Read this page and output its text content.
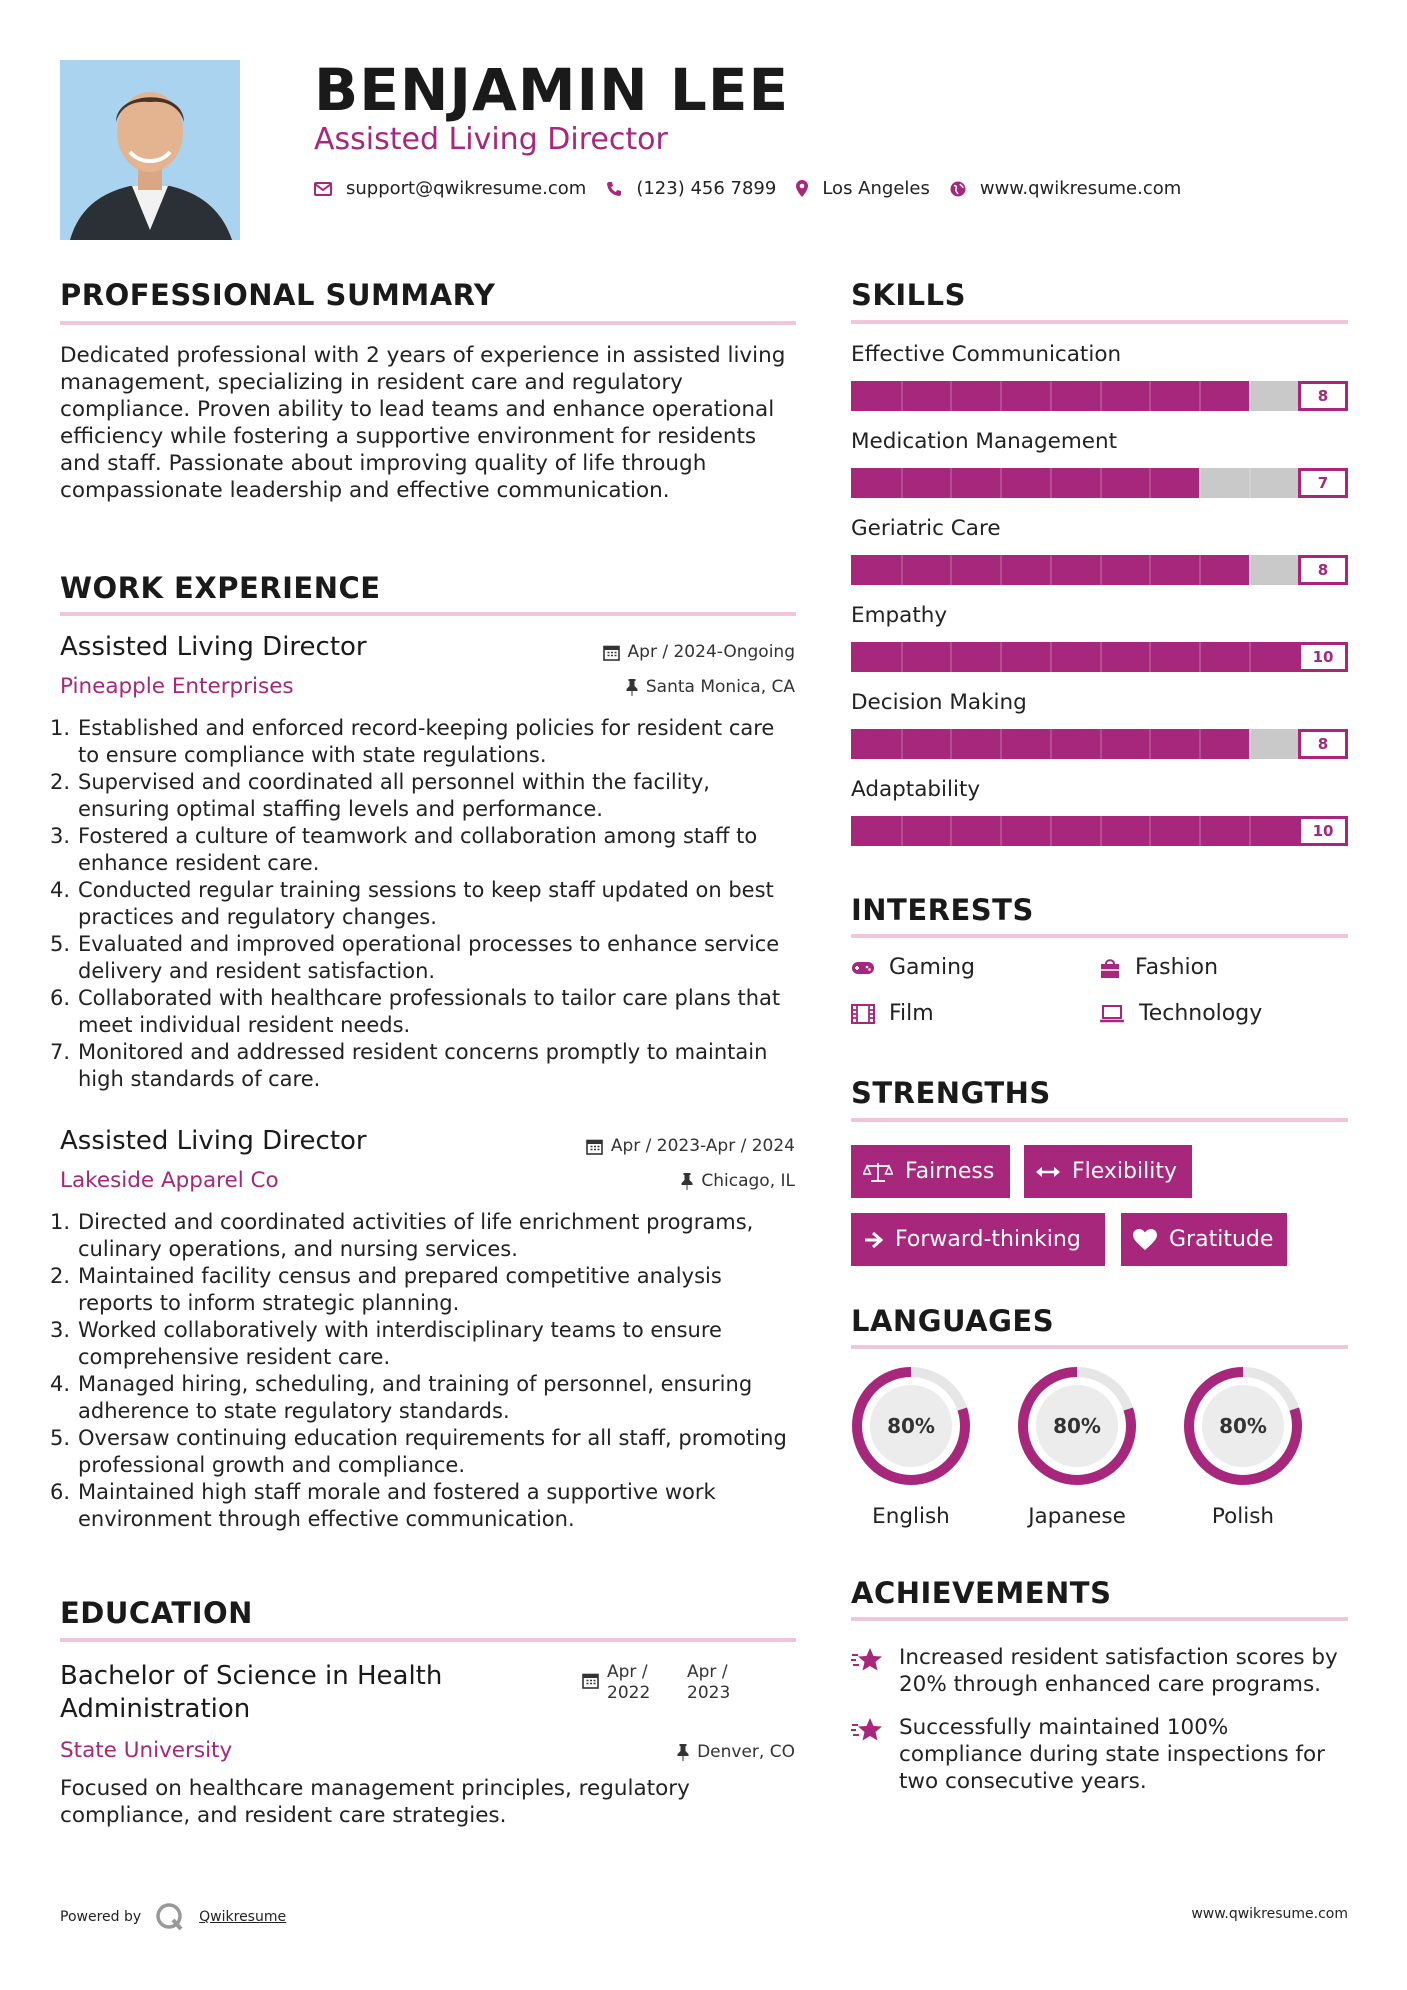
BENJAMIN LEE
Assisted Living Director
support@qwikresume.com	(123) 456 7899	Los Angeles	www.qwikresume.com
PROFESSIONAL SUMMARY
Dedicated professional with 2 years of experience in assisted living management, specializing in resident care and regulatory compliance. Proven ability to lead teams and enhance operational efficiency while fostering a supportive environment for residents and staff. Passionate about improving quality of life through compassionate leadership and effective communication.
WORK EXPERIENCE
Assisted Living Director	Apr / 2024-Ongoing
Pineapple Enterprises	Santa Monica, CA
1. Established and enforced record-keeping policies for resident care to ensure compliance with state regulations.
2. Supervised and coordinated all personnel within the facility, ensuring optimal staffing levels and performance.
3. Fostered a culture of teamwork and collaboration among staff to enhance resident care.
4. Conducted regular training sessions to keep staff updated on best practices and regulatory changes.
5. Evaluated and improved operational processes to enhance service delivery and resident satisfaction.
6. Collaborated with healthcare professionals to tailor care plans that meet individual resident needs.
7. Monitored and addressed resident concerns promptly to maintain high standards of care.
Assisted Living Director	Apr / 2023-Apr / 2024
Lakeside Apparel Co	Chicago, IL
1. Directed and coordinated activities of life enrichment programs, culinary operations, and nursing services.
2. Maintained facility census and prepared competitive analysis reports to inform strategic planning.
3. Worked collaboratively with interdisciplinary teams to ensure comprehensive resident care.
4. Managed hiring, scheduling, and training of personnel, ensuring adherence to state regulatory standards.
5. Oversaw continuing education requirements for all staff, promoting professional growth and compliance.
6. Maintained high staff morale and fostered a supportive work environment through effective communication.
EDUCATION
Bachelor of Science in Health Administration
Apr / 2022
Apr / 2023
State University	Denver, CO
Focused on healthcare management principles, regulatory compliance, and resident care strategies.
SKILLS
Effective Communication
8
Medication Management
7
Geriatric Care
8
Empathy
10
Decision Making
8
Adaptability
10
INTERESTS
Gaming	Fashion
Film	Technology
STRENGTHS
Fairness	Flexibility
Forward-thinking	Gratitude
LANGUAGES
80%
English
80%
Japanese
80%
Polish
ACHIEVEMENTS
Increased resident satisfaction scores by 20% through enhanced care programs.
Successfully maintained 100% compliance during state inspections for two consecutive years.
Powered by	Qwikresume	www.qwikresume.com
